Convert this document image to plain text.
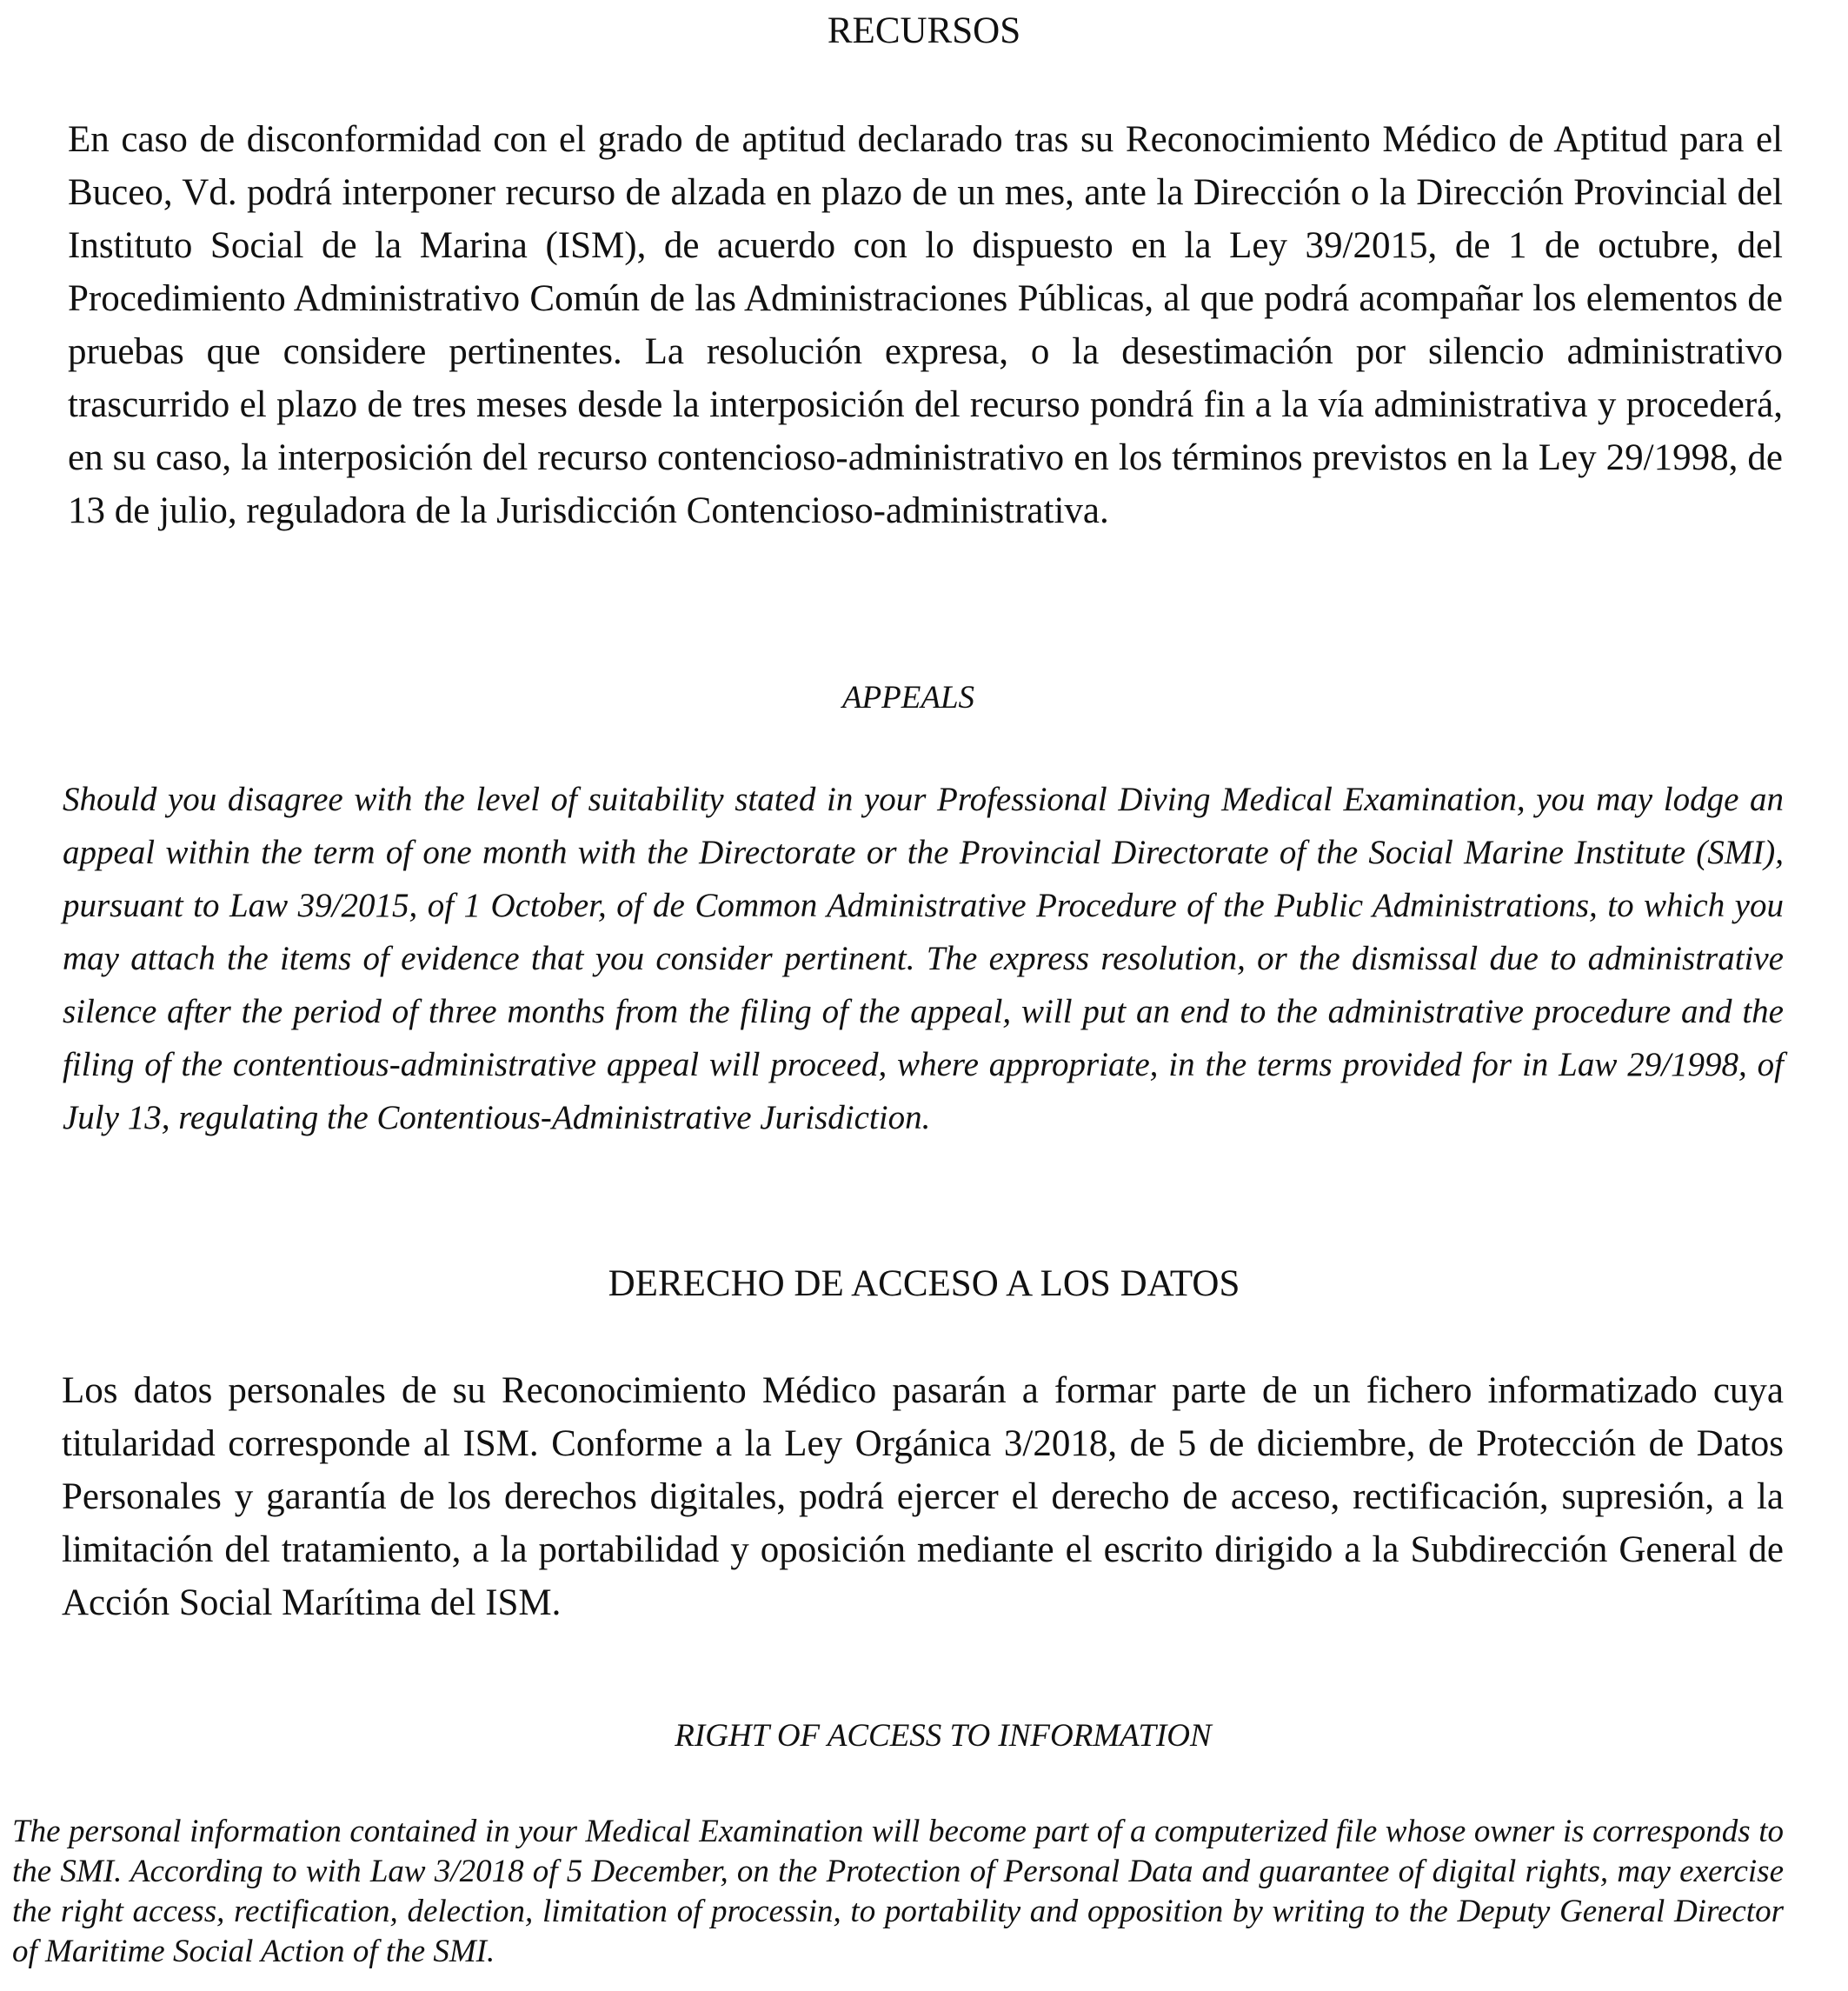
RECURSOS

En caso de disconformidad con el grado de aptitud declarado tras su Reconocimiento Médico de Aptitud para el Buceo, Vd. podrá interponer recurso de alzada en plazo de un mes, ante la Dirección o la Dirección Provincial del Instituto Social de la Marina (ISM), de acuerdo con lo dispuesto en la Ley 39/2015, de 1 de octubre, del Procedimiento Administrativo Común de las Administraciones Públicas, al que podrá acompañar los elementos de pruebas que considere pertinentes. La resolución expresa, o la desestimación por silencio administrativo trascurrido el plazo de tres meses desde la interposición del recurso pondrá fin a la vía administrativa y procederá, en su caso, la interposición del recurso contencioso-administrativo en los términos previstos en la Ley 29/1998, de 13 de julio, reguladora de la Jurisdicción Contencioso-administrativa.

APPEALS

Should you disagree with the level of suitability stated in your Professional Diving Medical Examination, you may lodge an appeal within the term of one month with the Directorate or the Provincial Directorate of the Social Marine Institute (SMI), pursuant to Law 39/2015, of 1 October, of de Common Administrative Procedure of the Public Administrations, to which you may attach the items of evidence that you consider pertinent. The express resolution, or the dismissal due to administrative silence after the period of three months from the filing of the appeal, will put an end to the administrative procedure and the filing of the contentious-administrative appeal will proceed, where appropriate, in the terms provided for in Law 29/1998, of July 13, regulating the Contentious-Administrative Jurisdiction.

DERECHO DE ACCESO A LOS DATOS

Los datos personales de su Reconocimiento Médico pasarán a formar parte de un fichero informatizado cuya titularidad corresponde al ISM. Conforme a la Ley Orgánica 3/2018, de 5 de diciembre, de Protección de Datos Personales y garantía de los derechos digitales, podrá ejercer el derecho de acceso, rectificación, supresión, a la limitación del tratamiento, a la portabilidad y oposición mediante el escrito dirigido a la Subdirección General de Acción Social Marítima del ISM.

RIGHT OF ACCESS TO INFORMATION

The personal information contained in your Medical Examination will become part of a computerized file whose owner is corresponds to the SMI. According to with Law 3/2018 of 5 December, on the Protection of Personal Data and guarantee of digital rights, may exercise the right access, rectification, delection, limitation of processin, to portability and opposition by writing to the Deputy General Director of Maritime Social Action of the SMI.
